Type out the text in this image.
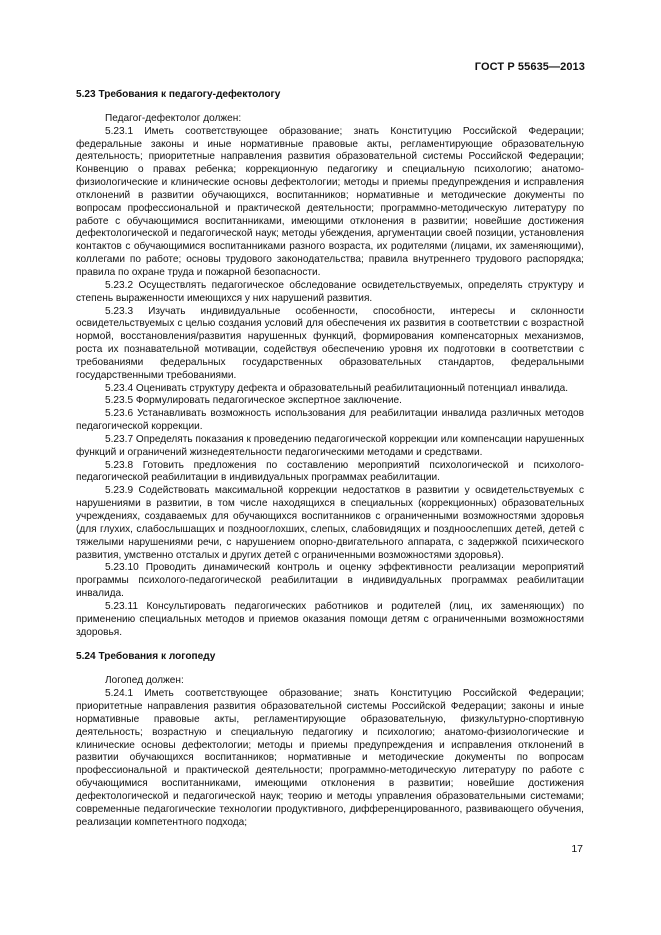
ГОСТ Р 55635—2013

5.23 Требования к педагогу-дефектологу

Педагог-дефектолог должен:

5.23.1 Иметь соответствующее образование; знать Конституцию Российской Федерации; федеральные законы и иные нормативные правовые акты, регламентирующие образовательную деятельность; приоритетные направления развития образовательной системы Российской Федерации; Конвенцию о правах ребенка; коррекционную педагогику и специальную психологию; анатомо-физиологические и клинические основы дефектологии; методы и приемы предупреждения и исправления отклонений в развитии обучающихся, воспитанников; нормативные и методические документы по вопросам профессиональной и практической деятельности; программно-методическую литературу по работе с обучающимися воспитанниками, имеющими отклонения в развитии; новейшие достижения дефектологической и педагогической наук; методы убеждения, аргументации своей позиции, установления контактов с обучающимися воспитанниками разного возраста, их родителями (лицами, их заменяющими), коллегами по работе; основы трудового законодательства; правила внутреннего трудового распорядка; правила по охране труда и пожарной безопасности.

5.23.2 Осуществлять педагогическое обследование освидетельствуемых, определять структуру и степень выраженности имеющихся у них нарушений развития.

5.23.3 Изучать индивидуальные особенности, способности, интересы и склонности освидетельствуемых с целью создания условий для обеспечения их развития в соответствии с возрастной нормой, восстановления/развития нарушенных функций, формирования компенсаторных механизмов, роста их познавательной мотивации, содействуя обеспечению уровня их подготовки в соответствии с требованиями федеральных государственных образовательных стандартов, федеральными государственными требованиями.

5.23.4 Оценивать структуру дефекта и образовательный реабилитационный потенциал инвалида.

5.23.5 Формулировать педагогическое экспертное заключение.

5.23.6 Устанавливать возможность использования для реабилитации инвалида различных методов педагогической коррекции.

5.23.7 Определять показания к проведению педагогической коррекции или компенсации нарушенных функций и ограничений жизнедеятельности педагогическими методами и средствами.

5.23.8 Готовить предложения по составлению мероприятий психологической и психолого-педагогической реабилитации в индивидуальных программах реабилитации.

5.23.9 Содействовать максимальной коррекции недостатков в развитии у освидетельствуемых с нарушениями в развитии, в том числе находящихся в специальных (коррекционных) образовательных учреждениях, создаваемых для обучающихся воспитанников с ограниченными возможностями здоровья (для глухих, слабослышащих и позднооглохших, слепых, слабовидящих и поздноослепших детей, детей с тяжелыми нарушениями речи, с нарушением опорно-двигательного аппарата, с задержкой психического развития, умственно отсталых и других детей с ограниченными возможностями здоровья).

5.23.10 Проводить динамический контроль и оценку эффективности реализации мероприятий программы психолого-педагогической реабилитации в индивидуальных программах реабилитации инвалида.

5.23.11 Консультировать педагогических работников и родителей (лиц, их заменяющих) по применению специальных методов и приемов оказания помощи детям с ограниченными возможностями здоровья.

5.24 Требования к логопеду

Логопед должен:

5.24.1 Иметь соответствующее образование; знать Конституцию Российской Федерации; приоритетные направления развития образовательной системы Российской Федерации; законы и иные нормативные правовые акты, регламентирующие образовательную, физкультурно-спортивную деятельность; возрастную и специальную педагогику и психологию; анатомо-физиологические и клинические основы дефектологии; методы и приемы предупреждения и исправления отклонений в развитии обучающихся воспитанников; нормативные и методические документы по вопросам профессиональной и практической деятельности; программно-методическую литературу по работе с обучающимися воспитанниками, имеющими отклонения в развитии; новейшие достижения дефектологической и педагогической наук; теорию и методы управления образовательными системами; современные педагогические технологии продуктивного, дифференцированного, развивающего обучения, реализации компетентного подхода;

17
